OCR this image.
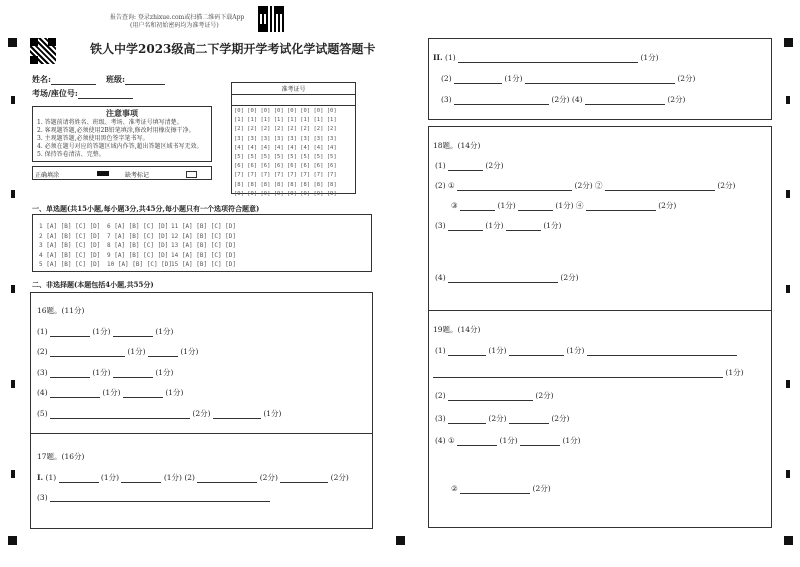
报告查询: 登录zhixue.com或扫描二维码下载App
(用户名和初始密码均为准考证号)
铁人中学2023级高二下学期开学考试化学试题答题卡
姓名:	班级:
考场/座位号:	准考证号
[0] [0] [0] [0] [0] [0] [0] [0]
[1] [1] [1] [1] [1] [1] [1] [1]
[2] [2] [2] [2] [2] [2] [2] [2]
[3] [3] [3] [3] [3] [3] [3] [3]
[4] [4] [4] [4] [4] [4] [4] [4]
[5] [5] [5] [5] [5] [5] [5] [5]
[6] [6] [6] [6] [6] [6] [6] [6]
[7] [7] [7] [7] [7] [7] [7] [7]
[8] [8] [8] [8] [8] [8] [8] [8]
[9] [9] [9] [9] [9] [9] [9] [9]
注意事项
1. 答题前请将姓名、班级、考场、准考证号填写清楚。
2. 客观题答题,必须使用2B铅笔填涂,修改时用橡皮擦干净。
3. 主观题答题,必须使用黑色签字笔书写。
4. 必须在题号对应的答题区域内作答,超出答题区域书写无效。
5. 保持答卷清洁、完整。
正确填涂	缺考标记
一、单选题(共15小题,每小题3分,共45分,每小题只有一个选项符合题意)
1 [A] [B] [C] [D]
2 [A] [B] [C] [D]
3 [A] [B] [C] [D]
4 [A] [B] [C] [D]
5 [A] [B] [C] [D]
6 [A] [B] [C] [D]
7 [A] [B] [C] [D]
8 [A] [B] [C] [D]
9 [A] [B] [C] [D]
10 [A] [B] [C] [D]
11 [A] [B] [C] [D]
12 [A] [B] [C] [D]
13 [A] [B] [C] [D]
14 [A] [B] [C] [D]
15 [A] [B] [C] [D]
二、非选择题(本题包括4小题,共55分)
16题。(11分)
(1)	(1分)	(1分)
(2)	(1分)	(1分)
(3)	(1分)	(1分)
(4)	(1分)	(1分)
(5)	(2分)	(1分)
17题。(16分)
I. (1)	(1分)	(1分) (2)	(2分)	(2分)
(3)
II. (1)	(1分)
(2)	(1分)	(2分)
(3)	(2分) (4)	(2分)
18题。(14分)
(1)	(2分)
(2) ①	(2分) ②	(2分)
③	(1分)	(1分) ④	(2分)
(3)	(1分)	(1分)
(4)	(2分)
19题。(14分)
(1)	(1分)	(1分)
(1分)
(2)	(2分)
(3)	(2分)	(2分)
(4) ①	(1分)	(1分)
②	(2分)
